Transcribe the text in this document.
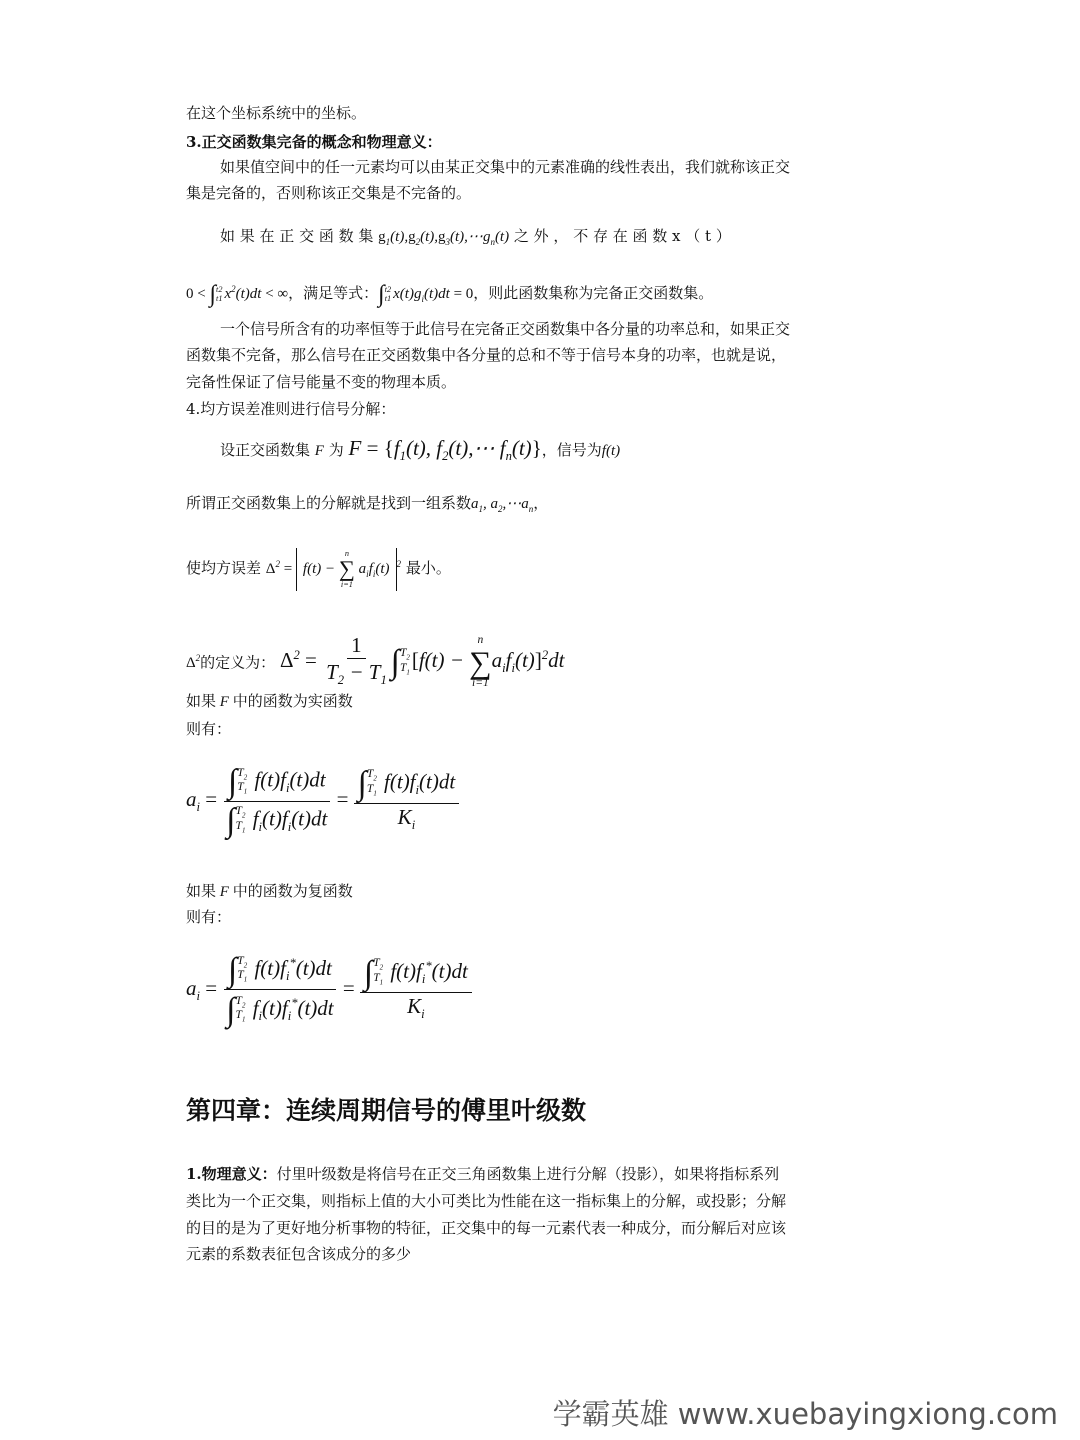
在这个坐标系统中的坐标。
3.正交函数集完备的概念和物理意义：
如果值空间中的任一元素均可以由某正交集中的元素准确的线性表出，我们就称该正交
集是完备的，否则称该正交集是不完备的。
如 果 在 正 交 函 数 集 $g_1(t),g_2(t),g_3(t),\cdots g_n(t)$ 之 外 ， 不 存 在 函 数 x （ t ）
0 < ∫ t2
t1 $x^2(t)dt$ < ∞，满足等式：∫ t2
t1 $x(t)g_i(t)dt = 0$，则此函数集称为完备正交函数集。
一个信号所含有的功率恒等于此信号在完备正交函数集中各分量的功率总和，如果正交
函数集不完备，那么信号在正交函数集中各分量的总和不等于信号本身的功率，也就是说，
完备性保证了信号能量不变的物理本质。
4.均方误差准则进行信号分解：
设正交函数集 F 为 $F = \{f_1(t)$, $f_2(t),\cdots$ $f_n(t)$}，信号为f(t)
所谓正交函数集上的分解就是找到一组系数$a_1$, $a_2,\cdots a_n$，
使均方误差 $\Delta^2 = f(t)$ −
n
∑
i=1
$a_if_i(t)$ $^2$ 最小。
$\Delta^2$的定义为： $\Delta^2 = \frac{1}{T_2 - T_1}$ ∫ $T_2$
$T_1$ [f(t) −
n
∑
i=1
$a_if_i(t)]^2dt$
如果 F 中的函数为实函数
则有：
$a_i$ = ∫ $T_2$
$T_1$ $f(t)f_i(t)dt$
∫ $T_2$
$T_1$ $f_i(t)f_i(t)dt$ = ∫ $T_2$
$T_1$ $f(t)f_i(t)dt$
$K_i$
如果 F 中的函数为复函数
则有：
$a_i$ = ∫ $T_2$
$T_1$ $f(t)f_i^*(t)dt$
∫ $T_2$
$T_1$ $f_i(t)f_i^*(t)dt$ = ∫ $T_2$
$T_1$ $f(t)f_i^*(t)dt$
$K_i$
第四章：连续周期信号的傅里叶级数
1.物理意义：付里叶级数是将信号在正交三角函数集上进行分解（投影），如果将指标系列
类比为一个正交集，则指标上值的大小可类比为性能在这一指标集上的分解，或投影；分解
的目的是为了更好地分析事物的特征，正交集中的每一元素代表一种成分，而分解后对应该
元素的系数表征包含该成分的多少
学霸英雄 www.xuebayingxiong.com
